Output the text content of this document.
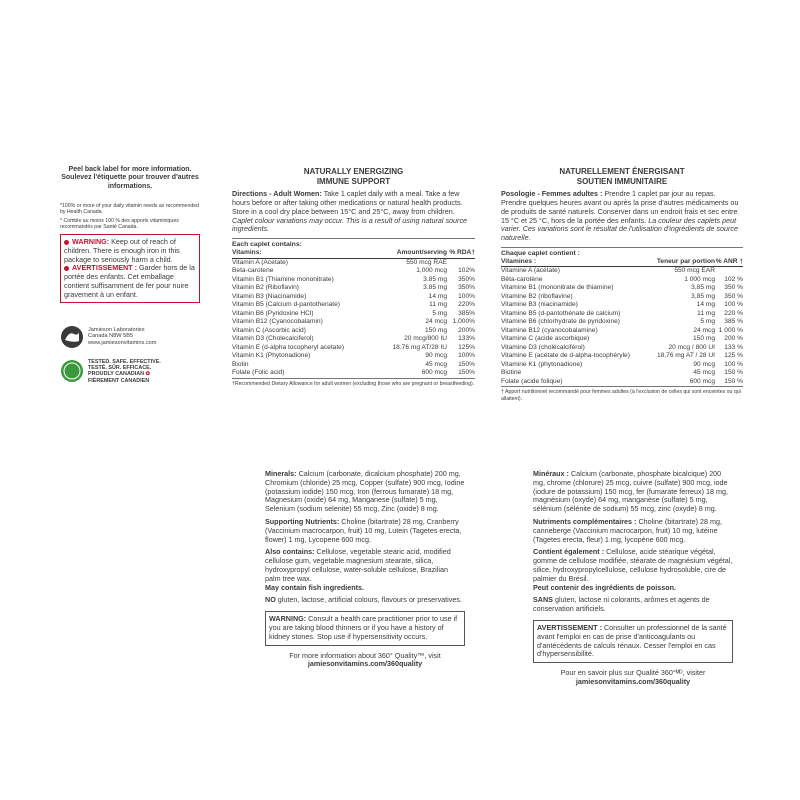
Peel back label for more information.
Soulevez l'étiquette pour trouver d'autres informations.
*100% or more of your daily vitamin needs as recommended by Health Canada.
* Comble au moins 100 % des apports vitaminiques recommandés par Santé Canada.
WARNING: Keep out of reach of children. There is enough iron in this package to seriously harm a child.
AVERTISSEMENT : Garder hors de la portée des enfants. Cet emballage contient suffisamment de fer pour nuire gravement à un enfant.
Jamieson Laboratories
Canada N8W 5B5
www.jamiesonvitamins.com
TESTED. SAFE. EFFECTIVE.
TESTÉ. SÛR. EFFICACE.
PROUDLY CANADIAN ✿
FIÈREMENT CANADIEN
NATURALLY ENERGIZING
IMMUNE SUPPORT
Directions - Adult Women: Take 1 caplet daily with a meal. Take a few hours before or after taking other medications or natural health products. Store in a cool dry place between 15°C and 25°C, away from children. Caplet colour variations may occur. This is a result of using natural source ingredients.
Each caplet contains:
Vitamins:	Amount/serving	% RDA†
Vitamin A (Acetate)	550 mcg RAE	
Beta-carotene	1,000 mcg	102%
Vitamin B1 (Thiamine mononitrate)	3.85 mg	350%
Vitamin B2 (Riboflavin)	3.85 mg	350%
Vitamin B3 (Niacinamide)	14 mg	100%
Vitamin B5 (Calcium d-pantothenate)	11 mg	220%
Vitamin B6 (Pyridoxine HCl)	5 mg	385%
Vitamin B12 (Cyanocobalamin)	24 mcg	1,000%
Vitamin C (Ascorbic acid)	150 mg	200%
Vitamin D3 (Cholecalciferol)	20 mcg/800 IU	133%
Vitamin E (d-alpha tocopheryl acetate)	18.76 mg AT/28 IU	125%
Vitamin K1 (Phytonadione)	90 mcg	100%
Biotin	45 mcg	150%
Folate (Folic acid)	600 mcg	150%
†Recommended Dietary Allowance for adult women (excluding those who are pregnant or breastfeeding).
NATURELLEMENT ÉNERGISANT
SOUTIEN IMMUNITAIRE
Posologie - Femmes adultes : Prendre 1 caplet par jour au repas. Prendre quelques heures avant ou après la prise d'autres médicaments ou de produits de santé naturels. Conserver dans un endroit frais et sec entre 15 °C et 25 °C, hors de la portée des enfants. La couleur des caplets peut varier. Ces variations sont le résultat de l'utilisation d'ingrédients de source naturelle.
Chaque caplet contient :
Vitamines :	Teneur par portion	% ANR †
Vitamine A (acétate)	550 mcg EAR	
Bêta-carotène	1 000 mcg	102 %
Vitamine B1 (mononitrate de thiamine)	3,85 mg	350 %
Vitamine B2 (riboflavine)	3,85 mg	350 %
Vitamine B3 (niacinamide)	14 mg	100 %
Vitamine B5 (d-pantothénate de calcium)	11 mg	220 %
Vitamine B6 (chlorhydrate de pyridoxine)	5 mg	385 %
Vitamine B12 (cyanocobalamine)	24 mcg	1 000 %
Vitamine C (acide ascorbique)	150 mg	200 %
Vitamine D3 (cholécalciférol)	20 mcg / 800 UI	133 %
Vitamine E (acétate de d-alpha-tocophéryle)	18,76 mg AT / 28 UI	125 %
Vitamine K1 (phytonadione)	90 mcg	100 %
Biotine	45 mcg	150 %
Folate (acide folique)	600 mcg	150 %
† Apport nutritionnel recommandé pour femmes adultes (à l'exclusion de celles qui sont enceintes ou qui allaitent).
Minerals: Calcium (carbonate, dicalcium phosphate) 200 mg, Chromium (chloride) 25 mcg, Copper (sulfate) 900 mcg, Iodine (potassium iodide) 150 mcg, Iron (ferrous fumarate) 18 mg, Magnesium (oxide) 64 mg, Manganese (sulfate) 5 mg, Selenium (sodium selenite) 55 mcg, Zinc (oxide) 8 mg.
Supporting Nutrients: Choline (bitartrate) 28 mg, Cranberry (Vaccinium macrocarpon, fruit) 10 mg, Lutein (Tagetes erecta, flower) 1 mg, Lycopene 600 mcg.
Also contains: Cellulose, vegetable stearic acid, modified cellulose gum, vegetable magnesium stearate, silica, hydroxypropyl cellulose, water-soluble cellulose, Brazilian palm tree wax.
May contain fish ingredients.
NO gluten, lactose, artificial colours, flavours or preservatives.
WARNING: Consult a health care practitioner prior to use if you are taking blood thinners or if you have a history of kidney stones. Stop use if hypersensitivity occurs.
For more information about 360° Quality™, visit
jamiesonvitamins.com/360quality
Minéraux : Calcium (carbonate, phosphate bicalcique) 200 mg, chrome (chlorure) 25 mcg, cuivre (sulfate) 900 mcg, iode (iodure de potassium) 150 mcg, fer (fumarate ferreux) 18 mg, magnésium (oxyde) 64 mg, manganèse (sulfate) 5 mg, sélénium (sélénite de sodium) 55 mcg, zinc (oxyde) 8 mg.
Nutriments complémentaires : Choline (bitartrate) 28 mg, canneberge (Vaccinium macrocarpon, fruit) 10 mg, lutéine (Tagetes erecta, fleur) 1 mg, lycopène 600 mcg.
Contient également : Cellulose, acide stéarique végétal, gomme de cellulose modifiée, stéarate de magnésium végétal, silice, hydroxypropylcellulose, cellulose hydrosoluble, cire de palmier du Brésil.
Peut contenir des ingrédients de poisson.
SANS gluten, lactose ni colorants, arômes et agents de conservation artificiels.
AVERTISSEMENT : Consulter un professionnel de la santé avant l'emploi en cas de prise d'anticoagulants ou d'antécédents de calculs rénaux. Cesser l'emploi en cas d'hypersensibilité.
Pour en savoir plus sur Qualité 360°ᴹᴰ, visiter
jamiesonvitamins.com/360quality
